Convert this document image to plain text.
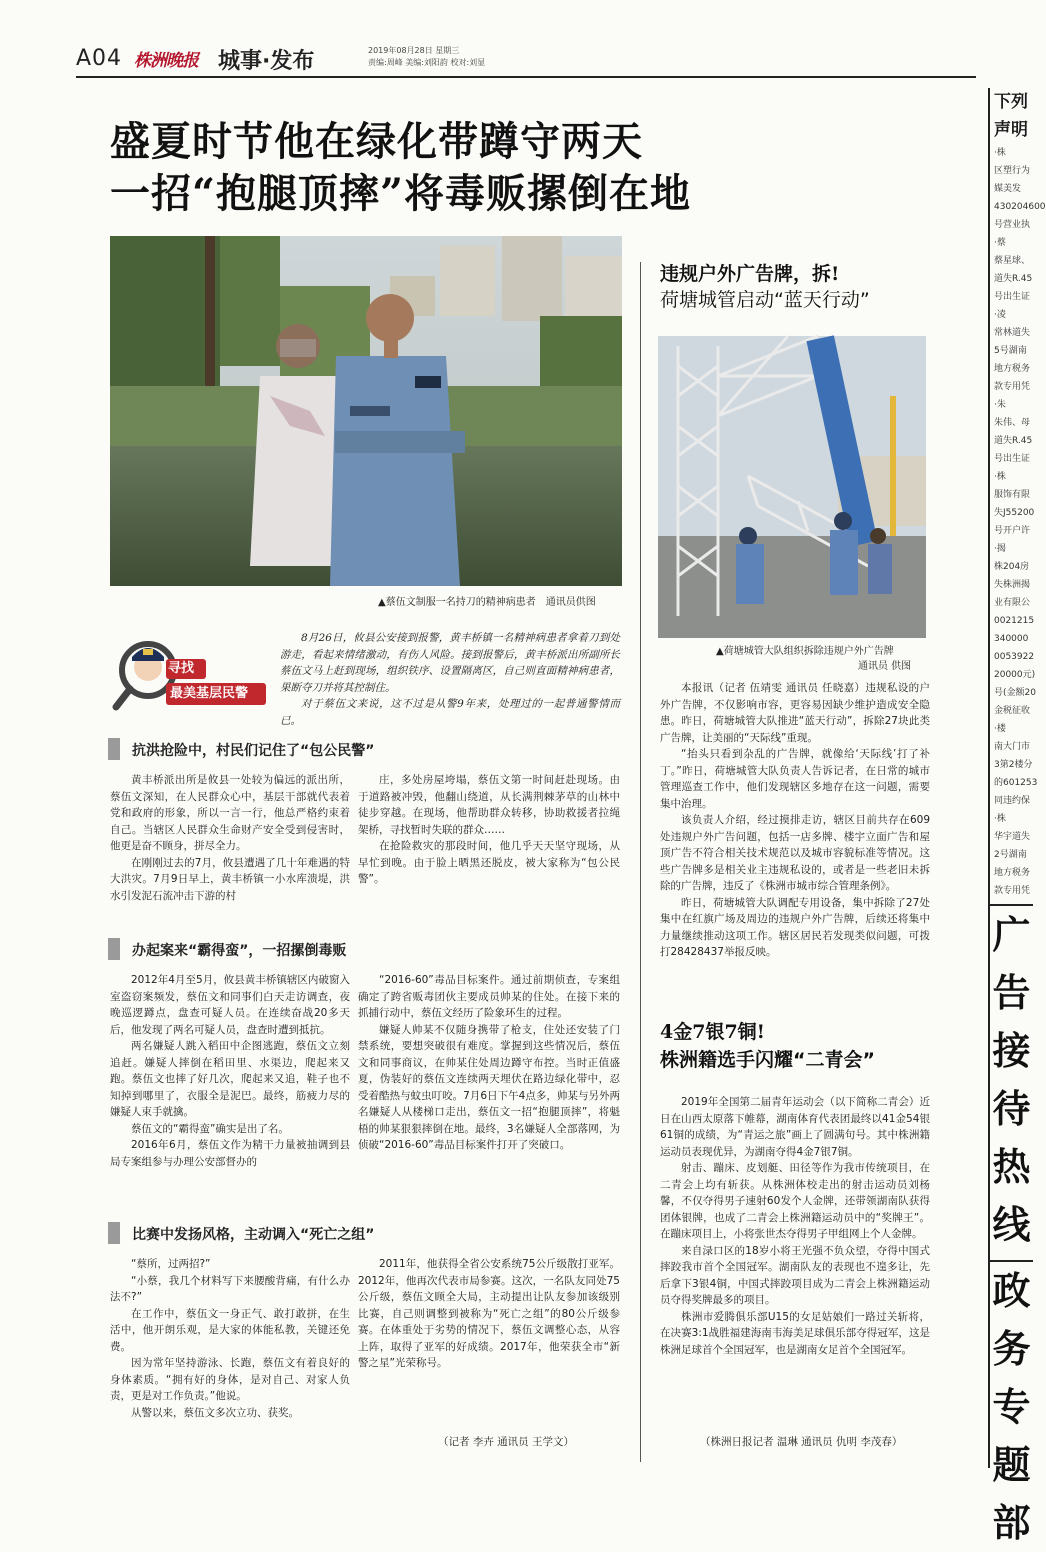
A04 株洲晚报 城事·发布	2019年08月28日 星期三
责编:周峰 美编:刘阳韵 校对:刘显
盛夏时节他在绿化带蹲守两天
一招“抱腿顶摔”将毒贩摞倒在地
▲蔡伍文制服一名持刀的精神病患者　通讯员供图
寻找
最美基层民警

8月26日，攸县公安接到报警，黄丰桥镇一名精神病患者拿着刀到处游走，看起来情绪激动，有伤人风险。接到报警后，黄丰桥派出所副所长蔡伍文马上赶到现场，组织铁序、设置隔离区，自己则直面精神病患者，果断夺刀并将其控制住。

对于蔡伍文来说，这不过是从警9年来，处理过的一起普通警情而已。

抗洪抢险中，村民们记住了“包公民警”

黄丰桥派出所是攸县一处较为偏远的派出所，蔡伍文深知，在人民群众心中，基层干部就代表着党和政府的形象，所以一言一行，他总严格约束着自己。当辖区人民群众生命财产安全受到侵害时，他更是奋不顾身，拼尽全力。

在刚刚过去的7月，攸县遭遇了几十年难遇的特大洪灾。7月9日早上，黄丰桥镇一小水库溃堤，洪水引发泥石流冲击下游的村

庄，多处房屋垮塌，蔡伍文第一时间赶赴现场。由于道路被冲毁，他翻山绕道，从长满荆棘茅草的山林中徒步穿越。在现场，他帮助群众转移，协助救援者拉绳架桥，寻找暂时失联的群众……

在抢险救灾的那段时间，他几乎天天坚守现场，从早忙到晚。由于脸上晒黑还脱皮，被大家称为“包公民警”。

办起案来“霸得蛮”，一招摞倒毒贩

2012年4月至5月，攸县黄丰桥镇辖区内破窗入室盗窃案频发，蔡伍文和同事们白天走访调查，夜晚巡逻蹲点，盘查可疑人员。在连续奋战20多天后，他发现了两名可疑人员，盘查时遭到抵抗。

两名嫌疑人跳入稻田中企图逃跑，蔡伍文立刻追赶。嫌疑人摔倒在稻田里、水渠边，爬起来又跑。蔡伍文也摔了好几次，爬起来又追，鞋子也不知掉到哪里了，衣服全是泥巴。最终，筋疲力尽的嫌疑人束手就擒。

蔡伍文的“霸得蛮”确实是出了名。

2016年6月，蔡伍文作为精干力量被抽调到县局专案组参与办理公安部督办的

“2016-60”毒品目标案件。通过前期侦查，专案组确定了跨省贩毒团伙主要成员帅某的住处。在接下来的抓捕行动中，蔡伍文经历了险象环生的过程。

嫌疑人帅某不仅随身携带了枪支，住处还安装了门禁系统，要想突破很有难度。掌握到这些情况后，蔡伍文和同事商议，在帅某住处周边蹲守布控。当时正值盛夏，伪装好的蔡伍文连续两天埋伏在路边绿化带中，忍受着酷热与蚊虫叮咬。7月6日下午4点多，帅某与另外两名嫌疑人从楼梯口走出，蔡伍文一招“抱腿顶摔”，将魁梧的帅某狠狠摔倒在地。最终，3名嫌疑人全部落网，为侦破“2016-60”毒品目标案件打开了突破口。

比赛中发扬风格，主动调入“死亡之组”

“蔡所，过两招?”

“小蔡，我几个材料写下来腰酸背痛，有什么办法不?”

在工作中，蔡伍文一身正气、敢打敢拼，在生活中，他开朗乐观，是大家的体能私教，关键还免费。

因为常年坚持游泳、长跑，蔡伍文有着良好的身体素质。“拥有好的身体，是对自己、对家人负责，更是对工作负责。”他说。

从警以来，蔡伍文多次立功、获奖。

2011年，他获得全省公安系统75公斤级散打亚军。2012年，他再次代表市局参赛。这次，一名队友同处75公斤级，蔡伍文顾全大局，主动提出让队友参加该级别比赛，自己则调整到被称为“死亡之组”的80公斤级参赛。在体重处于劣势的情况下，蔡伍文调整心态，从容上阵，取得了亚军的好成绩。2017年，他荣获全市“新警之星”光荣称号。

（记者 李卉 通讯员 王学文）
违规户外广告牌，拆!
荷塘城管启动“蓝天行动”
▲荷塘城管大队组织拆除违规户外广告牌
通讯员 供图

本报讯（记者 伍靖雯 通讯员 任晓嘉）违规私设的户外广告牌，不仅影响市容，更容易因缺少维护造成安全隐患。昨日，荷塘城管大队推进“蓝天行动”，拆除27块此类广告牌，让美丽的“天际线”重现。

“抬头只看到杂乱的广告牌，就像给‘天际线’打了补丁。”昨日，荷塘城管大队负责人告诉记者，在日常的城市管理巡查工作中，他们发现辖区多地存在这一问题，需要集中治理。

该负责人介绍，经过摸排走访，辖区目前共存在609处违规户外广告问题，包括一店多牌、楼宇立面广告和屋顶广告不符合相关技术规范以及城市容貌标准等情况。这些广告牌多是相关业主违规私设的，或者是一些老旧未拆除的广告牌，违反了《株洲市城市综合管理条例》。

昨日，荷塘城管大队调配专用设备，集中拆除了27处集中在红旗广场及周边的违规户外广告牌，后续还将集中力量继续推动这项工作。辖区居民若发现类似问题，可拨打28428437举报反映。

4金7银7铜!
株洲籍选手闪耀“二青会”

2019年全国第二届青年运动会（以下简称二青会）近日在山西太原落下帷幕，湖南体育代表团最终以41金54银61铜的成绩，为“青运之旅”画上了圆满句号。其中株洲籍运动员表现优异，为湖南夺得4金7银7铜。

射击、蹦床、皮划艇、田径等作为我市传统项目，在二青会上均有斩获。从株洲体校走出的射击运动员刘杨馨，不仅夺得男子速射60发个人金牌，还带领湖南队获得团体银牌，也成了二青会上株洲籍运动员中的“奖牌王”。在蹦床项目上，小将张世杰夺得男子甲组网上个人金牌。

来自渌口区的18岁小将王光强不负众望，夺得中国式摔跤我市首个全国冠军。湖南队友的表现也不遑多让，先后拿下3银4铜，中国式摔跤项目成为二青会上株洲籍运动员夺得奖牌最多的项目。

株洲市爱腾俱乐部U15的女足姑娘们一路过关斩将，在决赛3:1战胜福建海南韦海美足球俱乐部夺得冠军，这是株洲足球首个全国冠军，也是湖南女足首个全国冠军。

（株洲日报记者 温琳 通讯员 仇明 李茂春）
下列
声明
·株
区塑行为
媒美发
430204600
号营业执
·蔡
蔡星球、
道失R.45
号出生证
·凌
常林道失
5号湖南
地方税务
款专用凭
·朱
朱伟、母
道失R.45
号出生证
·株
服饰有限
失J55200
号开户许
·揭
株204房
失株洲揭
业有限公
0021215
340000
0053922
20000元)
号(金额20
金税征收
·楼
南大门市
3第2楼分
的601253
同违约保
·株
华宇道失
2号湖南
地方税务
款专用凭
广
告
接
待
热
线
政
务
专
题
部
